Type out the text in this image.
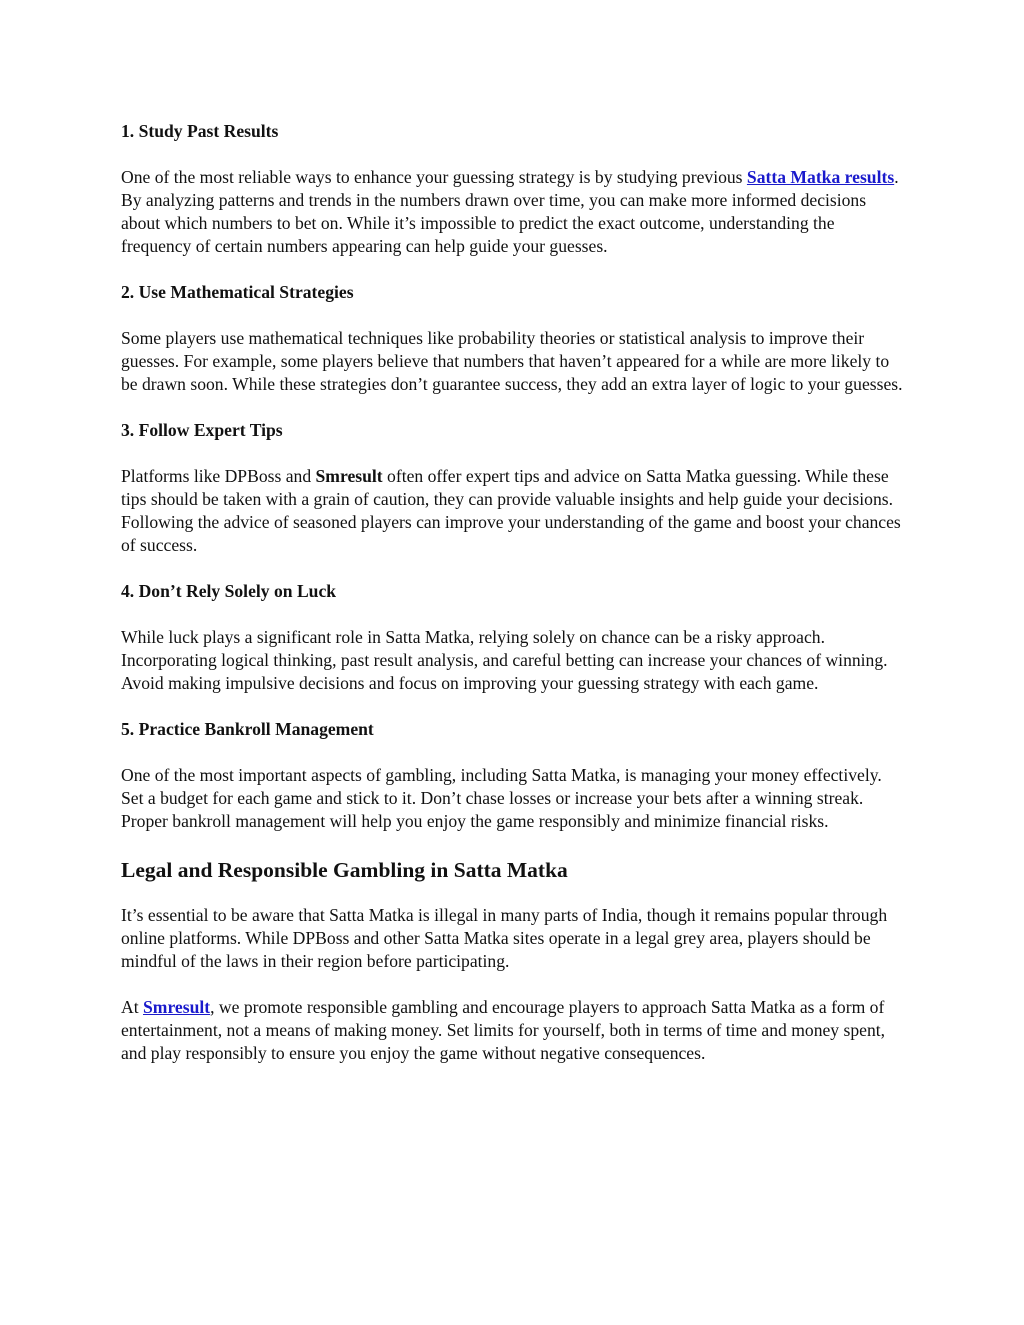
1. Study Past Results

One of the most reliable ways to enhance your guessing strategy is by studying previous Satta Matka results. By analyzing patterns and trends in the numbers drawn over time, you can make more informed decisions about which numbers to bet on. While it’s impossible to predict the exact outcome, understanding the frequency of certain numbers appearing can help guide your guesses.

2. Use Mathematical Strategies

Some players use mathematical techniques like probability theories or statistical analysis to improve their guesses. For example, some players believe that numbers that haven’t appeared for a while are more likely to be drawn soon. While these strategies don’t guarantee success, they add an extra layer of logic to your guesses.

3. Follow Expert Tips

Platforms like DPBoss and Smresult often offer expert tips and advice on Satta Matka guessing. While these tips should be taken with a grain of caution, they can provide valuable insights and help guide your decisions. Following the advice of seasoned players can improve your understanding of the game and boost your chances of success.

4. Don’t Rely Solely on Luck

While luck plays a significant role in Satta Matka, relying solely on chance can be a risky approach. Incorporating logical thinking, past result analysis, and careful betting can increase your chances of winning. Avoid making impulsive decisions and focus on improving your guessing strategy with each game.

5. Practice Bankroll Management

One of the most important aspects of gambling, including Satta Matka, is managing your money effectively. Set a budget for each game and stick to it. Don’t chase losses or increase your bets after a winning streak. Proper bankroll management will help you enjoy the game responsibly and minimize financial risks.

Legal and Responsible Gambling in Satta Matka

It’s essential to be aware that Satta Matka is illegal in many parts of India, though it remains popular through online platforms. While DPBoss and other Satta Matka sites operate in a legal grey area, players should be mindful of the laws in their region before participating.

At Smresult, we promote responsible gambling and encourage players to approach Satta Matka as a form of entertainment, not a means of making money. Set limits for yourself, both in terms of time and money spent, and play responsibly to ensure you enjoy the game without negative consequences.
